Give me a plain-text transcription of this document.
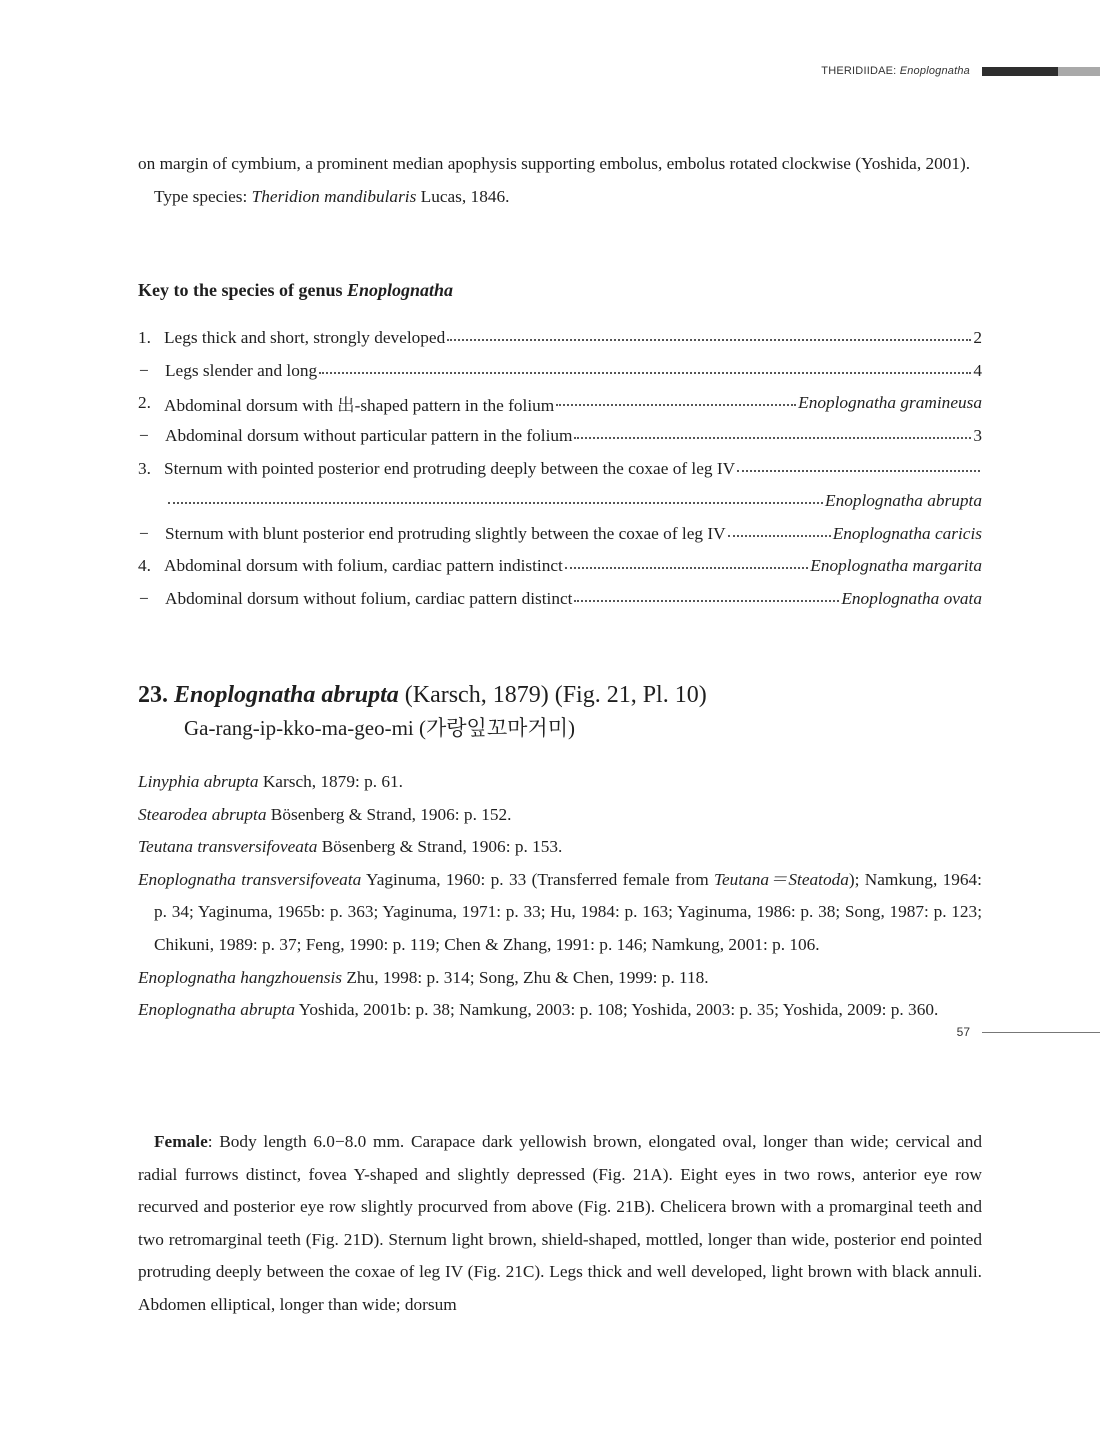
THERIDIIDAE: Enoplognatha

on margin of cymbium, a prominent median apophysis supporting embolus, embolus rotated clockwise (Yoshida, 2001).

Type species: Theridion mandibularis Lucas, 1846.

Key to the species of genus Enoplognatha
1. Legs thick and short, strongly developed	2
− Legs slender and long	4
2. Abdominal dorsum with 出-shaped pattern in the folium	Enoplognatha gramineusa
− Abdominal dorsum without particular pattern in the folium	3
3. Sternum with pointed posterior end protruding deeply between the coxae of leg IV
Enoplognatha abrupta
− Sternum with blunt posterior end protruding slightly between the coxae of leg IV	Enoplognatha caricis
4. Abdominal dorsum with folium, cardiac pattern indistinct	Enoplognatha margarita
− Abdominal dorsum without folium, cardiac pattern distinct	Enoplognatha ovata
23. Enoplognatha abrupta (Karsch, 1879) (Fig. 21, Pl. 10)
Ga-rang-ip-kko-ma-geo-mi (가랑잎꼬마거미)

Linyphia abrupta Karsch, 1879: p. 61.

Stearodea abrupta Bösenberg & Strand, 1906: p. 152.

Teutana transversifoveata Bösenberg & Strand, 1906: p. 153.

Enoplognatha transversifoveata Yaginuma, 1960: p. 33 (Transferred female from Teutana＝Steatoda); Namkung, 1964: p. 34; Yaginuma, 1965b: p. 363; Yaginuma, 1971: p. 33; Hu, 1984: p. 163; Yaginuma, 1986: p. 38; Song, 1987: p. 123; Chikuni, 1989: p. 37; Feng, 1990: p. 119; Chen & Zhang, 1991: p. 146; Namkung, 2001: p. 106.

Enoplognatha hangzhouensis Zhu, 1998: p. 314; Song, Zhu & Chen, 1999: p. 118.

Enoplognatha abrupta Yoshida, 2001b: p. 38; Namkung, 2003: p. 108; Yoshida, 2003: p. 35; Yoshida, 2009: p. 360.

Female: Body length 6.0−8.0 mm. Carapace dark yellowish brown, elongated oval, longer than wide; cervical and radial furrows distinct, fovea Y-shaped and slightly depressed (Fig. 21A). Eight eyes in two rows, anterior eye row recurved and posterior eye row slightly procurved from above (Fig. 21B). Chelicera brown with a promarginal teeth and two retromarginal teeth (Fig. 21D). Sternum light brown, shield-shaped, mottled, longer than wide, posterior end pointed protruding deeply between the coxae of leg IV (Fig. 21C). Legs thick and well developed, light brown with black annuli. Abdomen elliptical, longer than wide; dorsum

57
